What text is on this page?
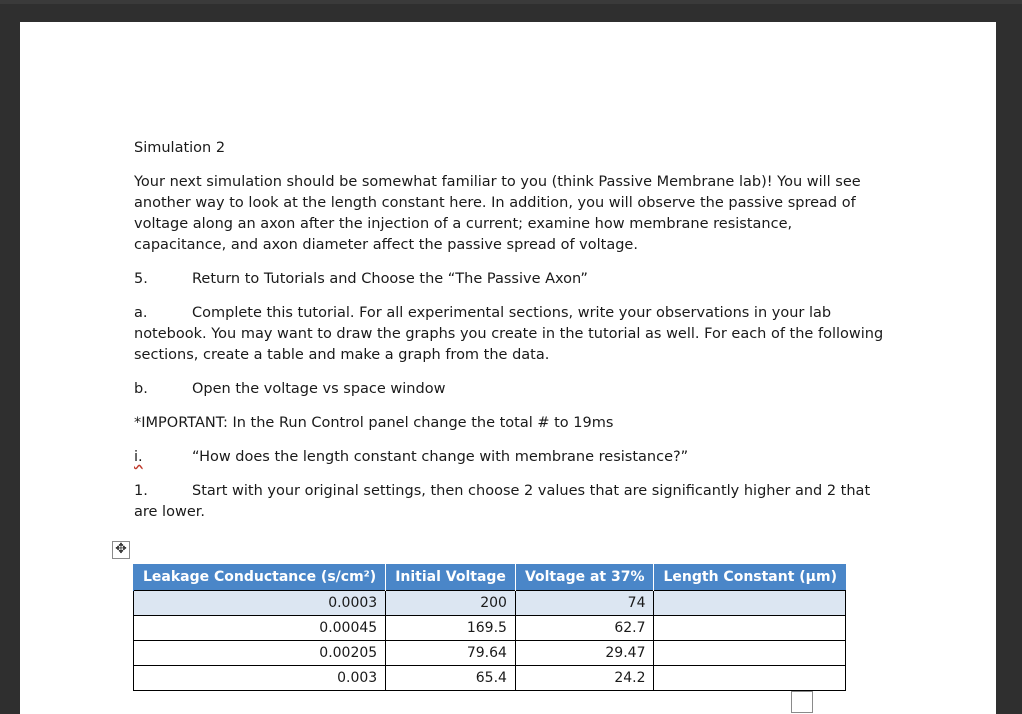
Simulation 2

Your next simulation should be somewhat familiar to you (think Passive Membrane lab)! You will see another way to look at the length constant here. In addition, you will observe the passive spread of voltage along an axon after the injection of a current; examine how membrane resistance, capacitance, and axon diameter affect the passive spread of voltage.

5.	Return to Tutorials and Choose the “The Passive Axon”

a.	Complete this tutorial. For all experimental sections, write your observations in your lab notebook. You may want to draw the graphs you create in the tutorial as well. For each of the following sections, create a table and make a graph from the data.

b.	Open the voltage vs space window

*IMPORTANT: In the Run Control panel change the total # to 19ms

i.	“How does the length constant change with membrane resistance?”

1.	Start with your original settings, then choose 2 values that are significantly higher and 2 that are lower.

✥
Leakage Conductance (s/cm²)	Initial Voltage	Voltage at 37%	Length Constant (µm)
0.0003	200	74	
0.00045	169.5	62.7	
0.00205	79.64	29.47	
0.003	65.4	24.2	
